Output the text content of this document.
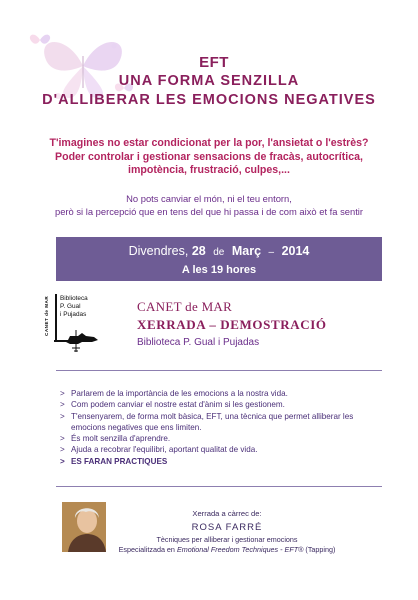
EFT
UNA FORMA SENZILLA
D'ALLIBERAR LES EMOCIONS NEGATIVES
T'imagines no estar condicionat per la por, l'ansietat o l'estrès?
Poder controlar i gestionar sensacions de fracàs, autocrítica,
impotència, frustració, culpes,...
No pots canviar el món, ni el teu entorn,
però si la percepció que en tens del que hi passa i de com això et fa sentir
Divendres, 28 de Març – 2014
A les 19 hores
CANET de MAR	Biblioteca
P. Gual
i Pujadas
CANET de MAR
XERRADA – DEMOSTRACIÓ
Biblioteca P. Gual i Pujadas
> Parlarem de la importància de les emocions a la nostra vida.
> Com podem canviar el nostre estat d'ànim si les gestionem.
> T'ensenyarem, de forma molt bàsica, EFT, una tècnica que permet alliberar les emocions negatives que ens limiten.
> És molt senzilla d'aprendre.
> Ajuda a recobrar l'equilibri, aportant qualitat de vida.
> ES FARAN PRACTIQUES
Xerrada a càrrec de:
ROSA FARRÉ
Tècniques per alliberar i gestionar emocions
Especialitzada en Emotional Freedom Techniques - EFT® (Tapping)
